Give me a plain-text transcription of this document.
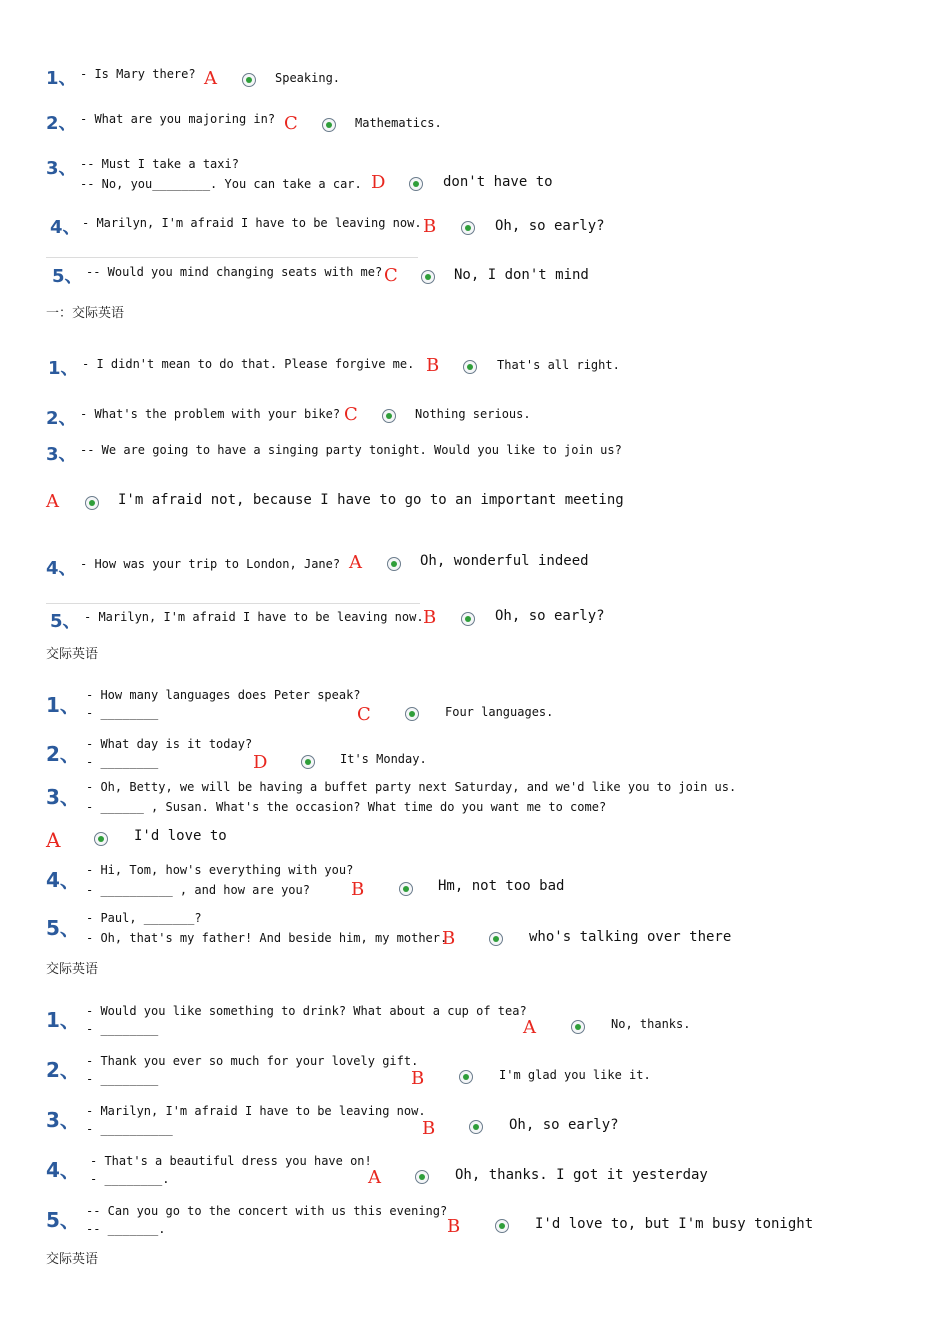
1、 - Is Mary there? A	Speaking.
2、 - What are you majoring in? C	Mathematics.
3、 -- Must I take a taxi?
-- No, you________. You can take a car. D	don't have to
4、 - Marilyn, I'm afraid I have to be leaving now. B	Oh, so early?
5、 -- Would you mind changing seats with me? C	No, I don't mind
一：交际英语
1、 - I didn't mean to do that. Please forgive me. B	That's all right.
2、 - What's the problem with your bike? C	Nothing serious.
3、 -- We are going to have a singing party tonight. Would you like to join us?
A	I'm afraid not, because I have to go to an important meeting
4、 - How was your trip to London, Jane? A	Oh, wonderful indeed
5、 - Marilyn, I'm afraid I have to be leaving now. B	Oh, so early?
交际英语
1、 - How many languages does Peter speak?
- ________	C	Four languages.
2、 - What day is it today?
- ________	D	It's Monday.
3、 - Oh, Betty, we will be having a buffet party next Saturday, and we'd like you to join us.
- ______ , Susan. What's the occasion? What time do you want me to come?
A	I'd love to
4、 - Hi, Tom, how's everything with you?
- __________ , and how are you? B	Hm, not too bad
5、 - Paul, _______?
- Oh, that's my father! And beside him, my mother.
B	who's talking over there
交际英语
1、 - Would you like something to drink? What about a cup of tea?
- ________	A	No, thanks.
2、 - Thank you ever so much for your lovely gift.
- ________	B	I'm glad you like it.
3、 - Marilyn, I'm afraid I have to be leaving now.
- __________	B	Oh, so early?
4、 - That's a beautiful dress you have on!
- ________.	A	Oh, thanks. I got it yesterday
5、 -- Can you go to the concert with us this evening?
-- _______.	B	I'd love to, but I'm busy tonight
交际英语
